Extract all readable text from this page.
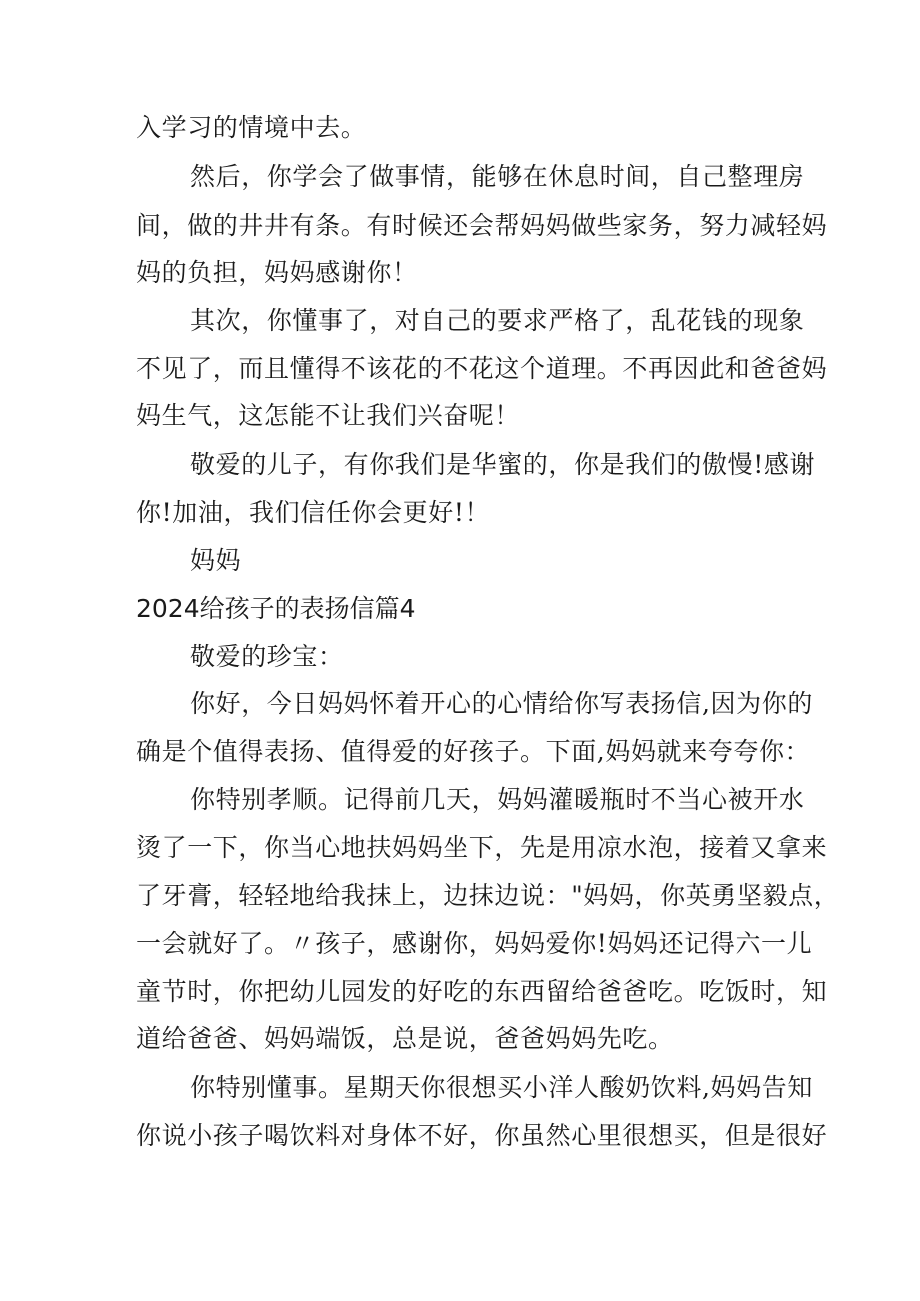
入学习的情境中去。
然后，你学会了做事情，能够在休息时间，自己整理房
间，做的井井有条。有时候还会帮妈妈做些家务，努力减轻妈
妈的负担，妈妈感谢你！
其次，你懂事了，对自己的要求严格了，乱花钱的现象
不见了，而且懂得不该花的不花这个道理。不再因此和爸爸妈
妈生气，这怎能不让我们兴奋呢！
敬爱的儿子，有你我们是华蜜的，你是我们的傲慢!感谢
你!加油，我们信任你会更好!！
妈妈
2024给孩子的表扬信篇4
敬爱的珍宝：
你好，今日妈妈怀着开心的心情给你写表扬信,因为你的
确是个值得表扬、值得爱的好孩子。下面,妈妈就来夸夸你：
你特别孝顺。记得前几天，妈妈灌暖瓶时不当心被开水
烫了一下，你当心地扶妈妈坐下，先是用凉水泡，接着又拿来
了牙膏，轻轻地给我抹上，边抹边说："妈妈，你英勇坚毅点，
一会就好了。〃孩子，感谢你，妈妈爱你!妈妈还记得六一儿
童节时，你把幼儿园发的好吃的东西留给爸爸吃。吃饭时，知
道给爸爸、妈妈端饭，总是说，爸爸妈妈先吃。
你特别懂事。星期天你很想买小洋人酸奶饮料,妈妈告知
你说小孩子喝饮料对身体不好，你虽然心里很想买，但是很好
